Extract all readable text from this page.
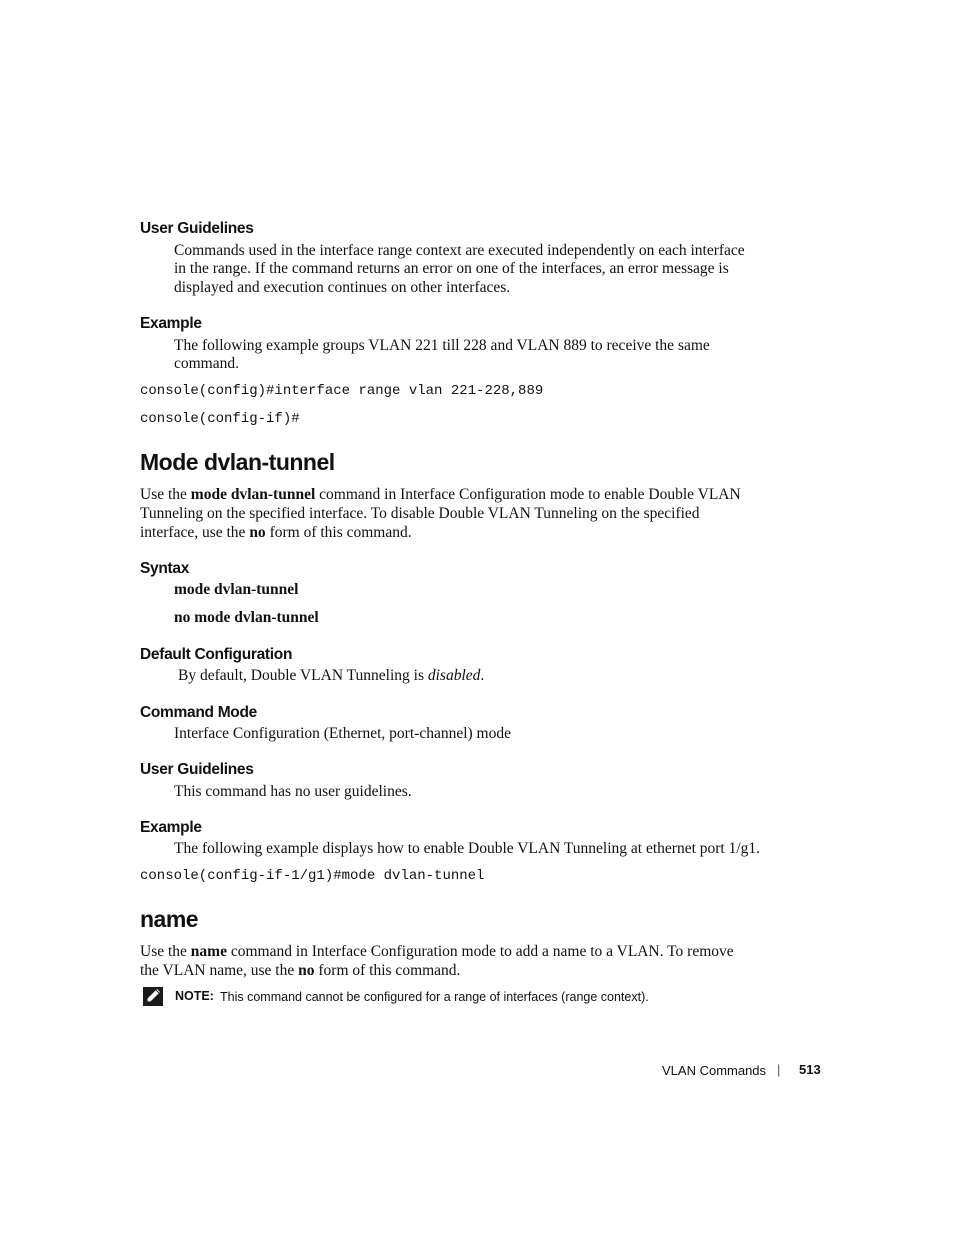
User Guidelines
Commands used in the interface range context are executed independently on each interface
in the range. If the command returns an error on one of the interfaces, an error message is
displayed and execution continues on other interfaces.
Example
The following example groups VLAN 221 till 228 and VLAN 889 to receive the same
command.
console(config)#interface range vlan 221-228,889
console(config-if)#
Mode dvlan-tunnel
Use the mode dvlan-tunnel command in Interface Configuration mode to enable Double VLAN
Tunneling on the specified interface. To disable Double VLAN Tunneling on the specified
interface, use the no form of this command.
Syntax
mode dvlan-tunnel
no mode dvlan-tunnel
Default Configuration
By default, Double VLAN Tunneling is disabled.
Command Mode
Interface Configuration (Ethernet, port-channel) mode
User Guidelines
This command has no user guidelines.
Example
The following example displays how to enable Double VLAN Tunneling at ethernet port 1/g1.
console(config-if-1/g1)#mode dvlan-tunnel
name
Use the name command in Interface Configuration mode to add a name to a VLAN. To remove
the VLAN name, use the no form of this command.
NOTE: This command cannot be configured for a range of interfaces (range context).
VLAN Commands | 513
